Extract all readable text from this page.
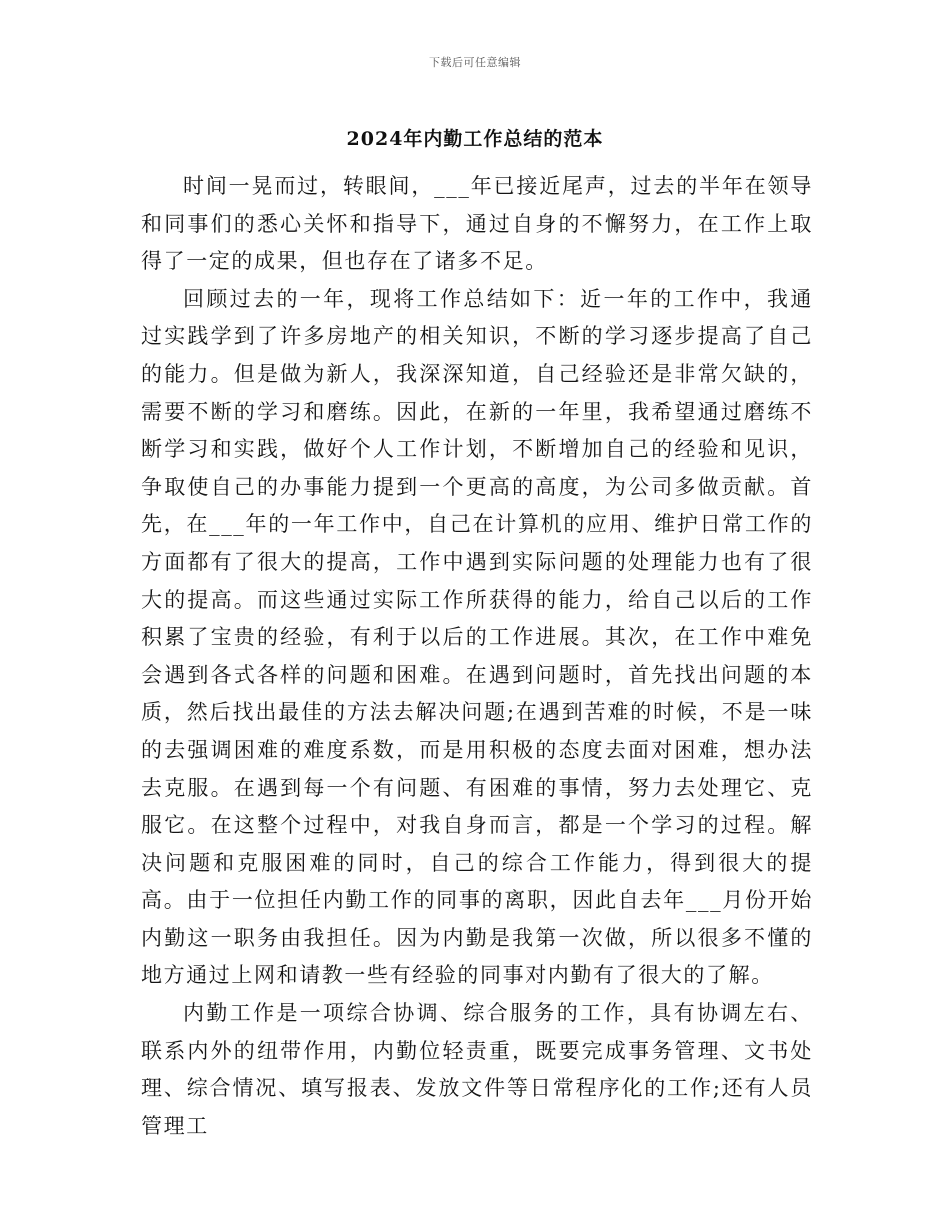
下载后可任意编辑
2024年内勤工作总结的范本

时间一晃而过，转眼间，___年已接近尾声，过去的半年在领导和同事们的悉心关怀和指导下，通过自身的不懈努力，在工作上取得了一定的成果，但也存在了诸多不足。

回顾过去的一年，现将工作总结如下：近一年的工作中，我通过实践学到了许多房地产的相关知识，不断的学习逐步提高了自己的能力。但是做为新人，我深深知道，自己经验还是非常欠缺的，需要不断的学习和磨练。因此，在新的一年里，我希望通过磨练不断学习和实践，做好个人工作计划，不断增加自己的经验和见识，争取使自己的办事能力提到一个更高的高度，为公司多做贡献。首先，在___年的一年工作中，自己在计算机的应用、维护日常工作的方面都有了很大的提高，工作中遇到实际问题的处理能力也有了很大的提高。而这些通过实际工作所获得的能力，给自己以后的工作积累了宝贵的经验，有利于以后的工作进展。其次，在工作中难免会遇到各式各样的问题和困难。在遇到问题时，首先找出问题的本质，然后找出最佳的方法去解决问题;在遇到苦难的时候，不是一味的去强调困难的难度系数，而是用积极的态度去面对困难，想办法去克服。在遇到每一个有问题、有困难的事情，努力去处理它、克服它。在这整个过程中，对我自身而言，都是一个学习的过程。解决问题和克服困难的同时，自己的综合工作能力，得到很大的提高。由于一位担任内勤工作的同事的离职，因此自去年___月份开始内勤这一职务由我担任。因为内勤是我第一次做，所以很多不懂的地方通过上网和请教一些有经验的同事对内勤有了很大的了解。

内勤工作是一项综合协调、综合服务的工作，具有协调左右、联系内外的纽带作用，内勤位轻责重，既要完成事务管理、文书处理、综合情况、填写报表、发放文件等日常程序化的工作;还有人员管理工
